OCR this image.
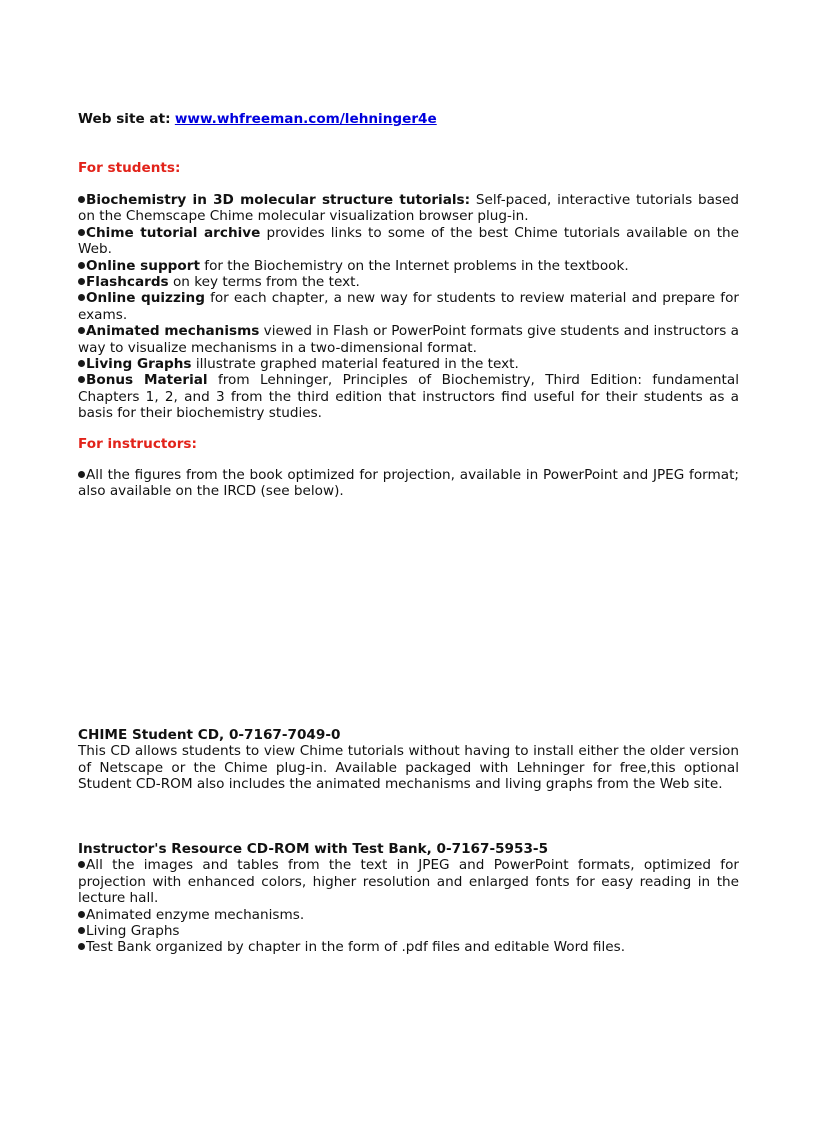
Web site at: www.whfreeman.com/lehninger4e
For students:
Biochemistry in 3D molecular structure tutorials: Self-paced, interactive tutorials based on the Chemscape Chime molecular visualization browser plug-in.
Chime tutorial archive provides links to some of the best Chime tutorials available on the Web.
Online support for the Biochemistry on the Internet problems in the textbook.
Flashcards on key terms from the text.
Online quizzing for each chapter, a new way for students to review material and prepare for exams.
Animated mechanisms viewed in Flash or PowerPoint formats give students and instructors a way to visualize mechanisms in a two-dimensional format.
Living Graphs illustrate graphed material featured in the text.
Bonus Material from Lehninger, Principles of Biochemistry, Third Edition: fundamental Chapters 1, 2, and 3 from the third edition that instructors find useful for their students as a basis for their biochemistry studies.
For instructors:
All the figures from the book optimized for projection, available in PowerPoint and JPEG format; also available on the IRCD (see below).
CHIME Student CD, 0-7167-7049-0
This CD allows students to view Chime tutorials without having to install either the older version of Netscape or the Chime plug-in. Available packaged with Lehninger for free,this optional Student CD-ROM also includes the animated mechanisms and living graphs from the Web site.
Instructor's Resource CD-ROM with Test Bank, 0-7167-5953-5
All the images and tables from the text in JPEG and PowerPoint formats, optimized for projection with enhanced colors, higher resolution and enlarged fonts for easy reading in the lecture hall.
Animated enzyme mechanisms.
Living Graphs
Test Bank organized by chapter in the form of .pdf files and editable Word files.
